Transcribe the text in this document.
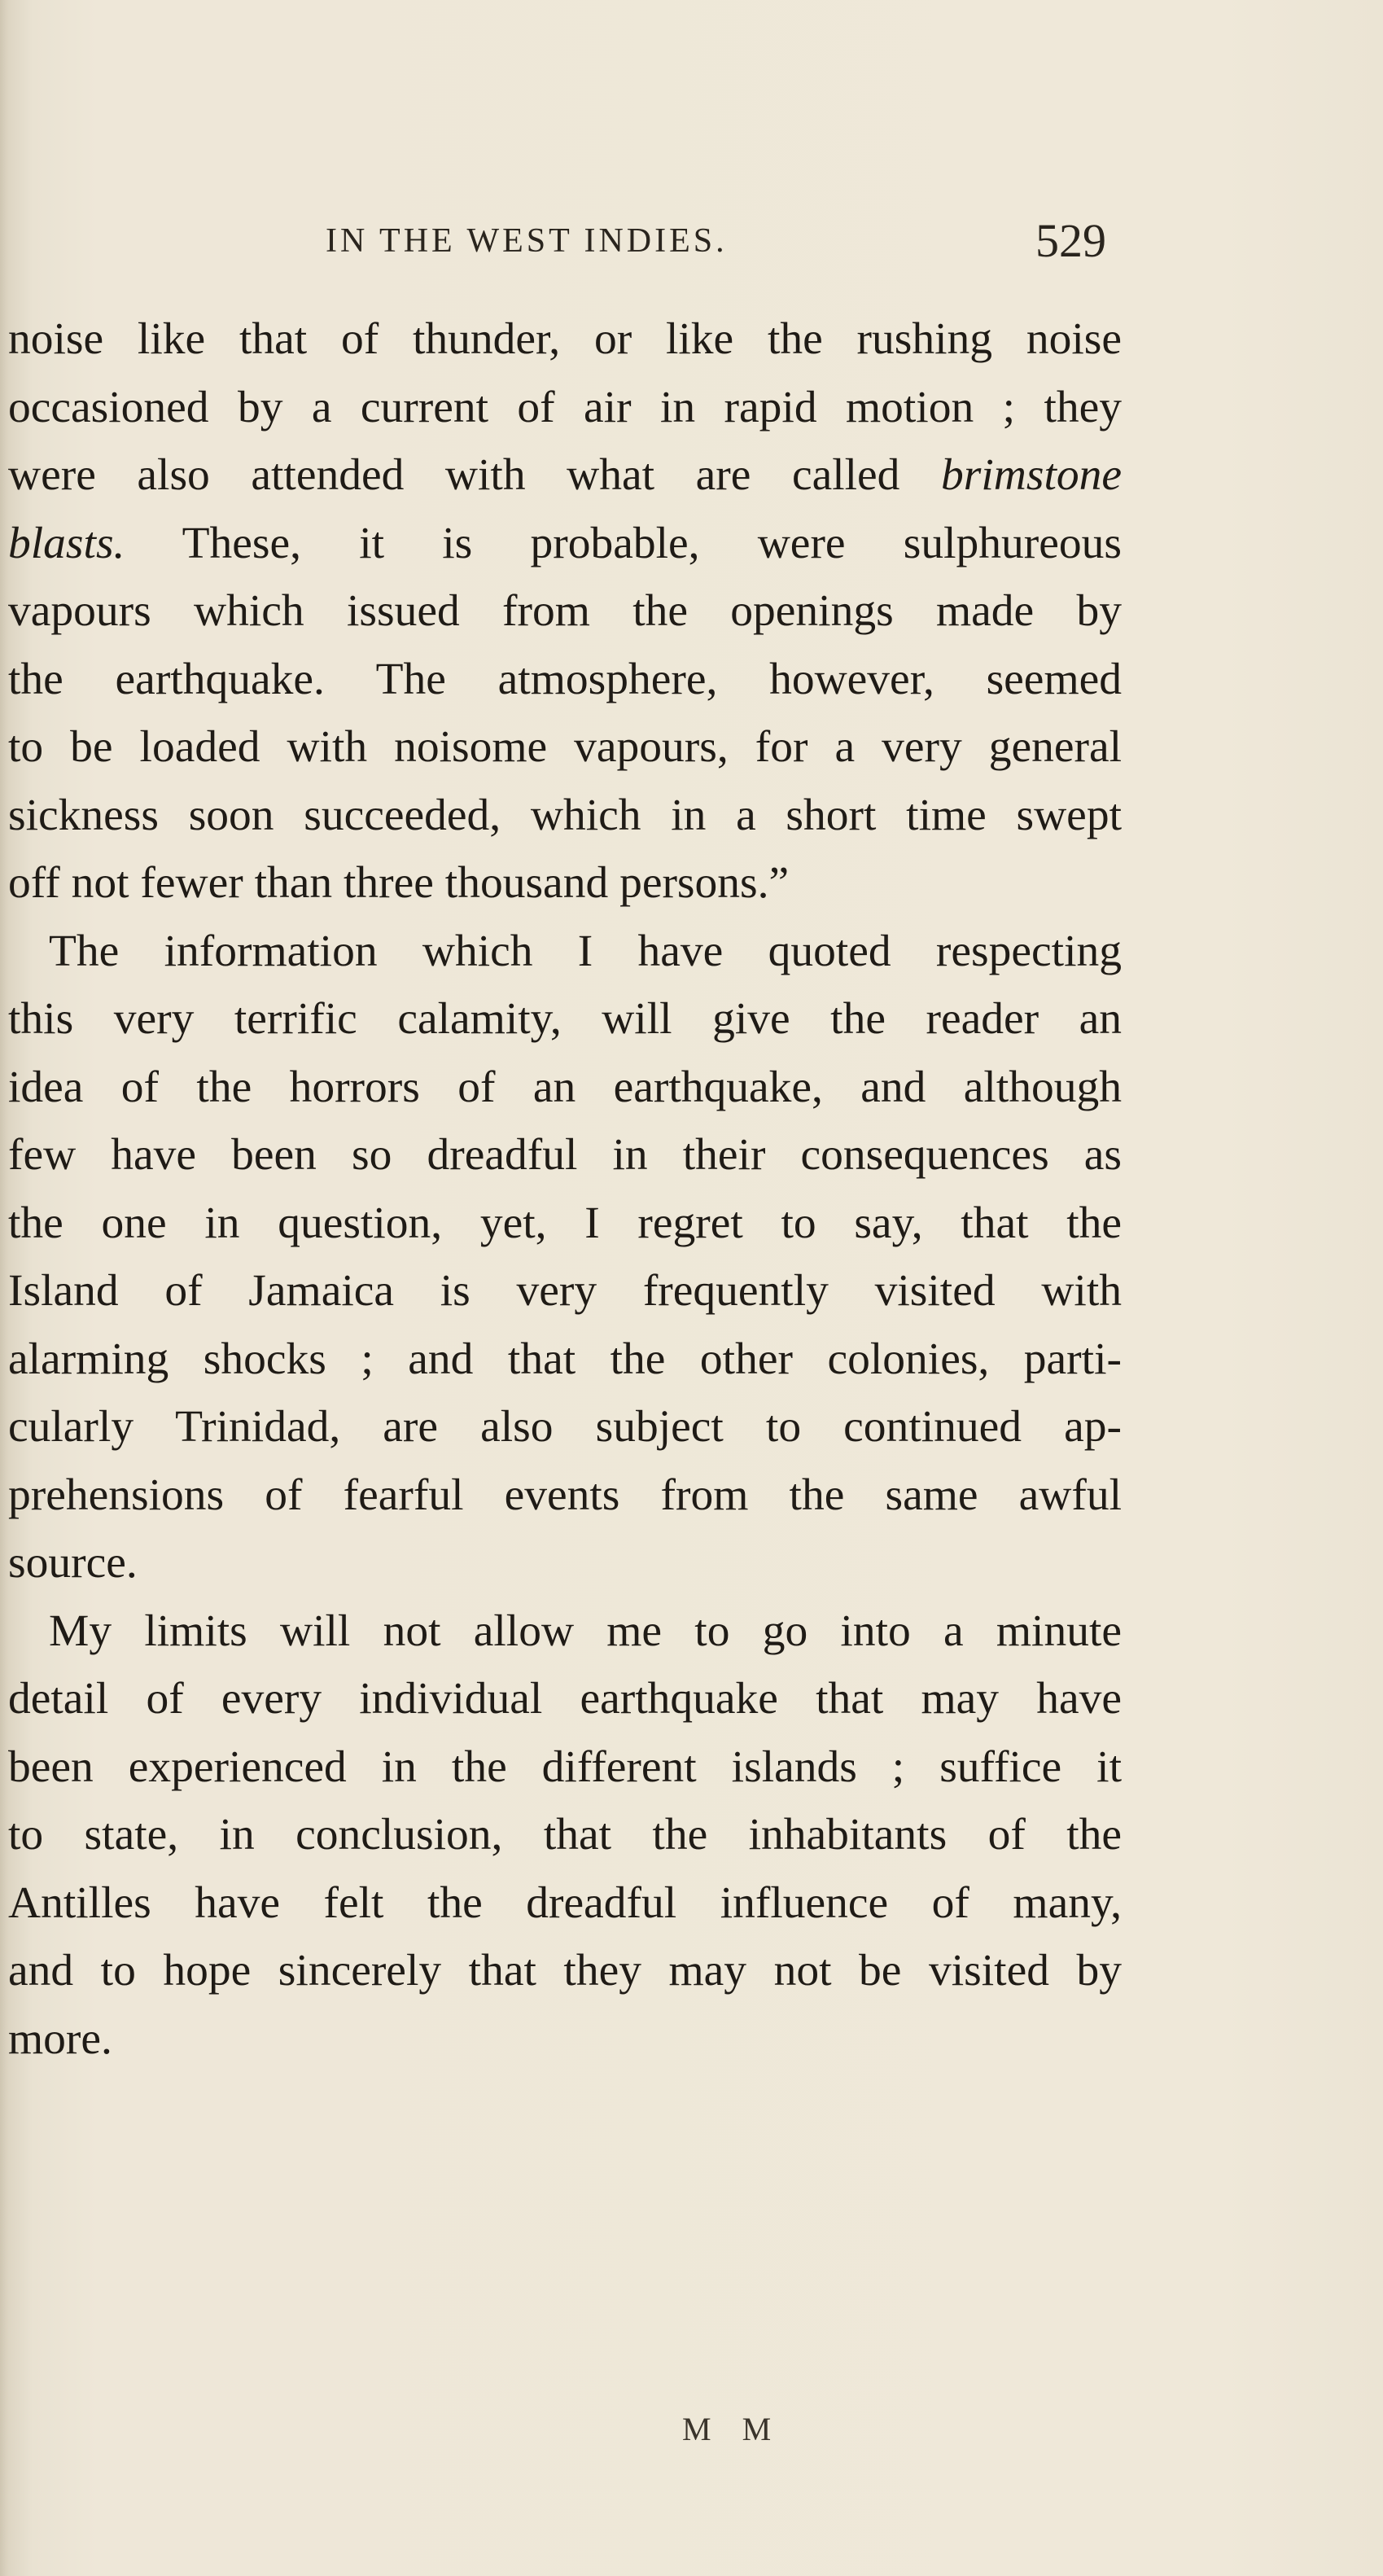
IN THE WEST INDIES.	529
noise like that of thunder, or like the rushing noise
occasioned by a current of air in rapid motion ; they
were also attended with what are called brimstone
blasts. These, it is probable, were sulphureous
vapours which issued from the openings made by
the earthquake. The atmosphere, however, seemed
to be loaded with noisome vapours, for a very general
sickness soon succeeded, which in a short time swept
off not fewer than three thousand persons.”
The information which I have quoted respecting
this very terrific calamity, will give the reader an
idea of the horrors of an earthquake, and although
few have been so dreadful in their consequences as
the one in question, yet, I regret to say, that the
Island of Jamaica is very frequently visited with
alarming shocks ; and that the other colonies, parti-
cularly Trinidad, are also subject to continued ap-
prehensions of fearful events from the same awful
source.
My limits will not allow me to go into a minute
detail of every individual earthquake that may have
been experienced in the different islands ; suffice it
to state, in conclusion, that the inhabitants of the
Antilles have felt the dreadful influence of many,
and to hope sincerely that they may not be visited by
more.
M M
